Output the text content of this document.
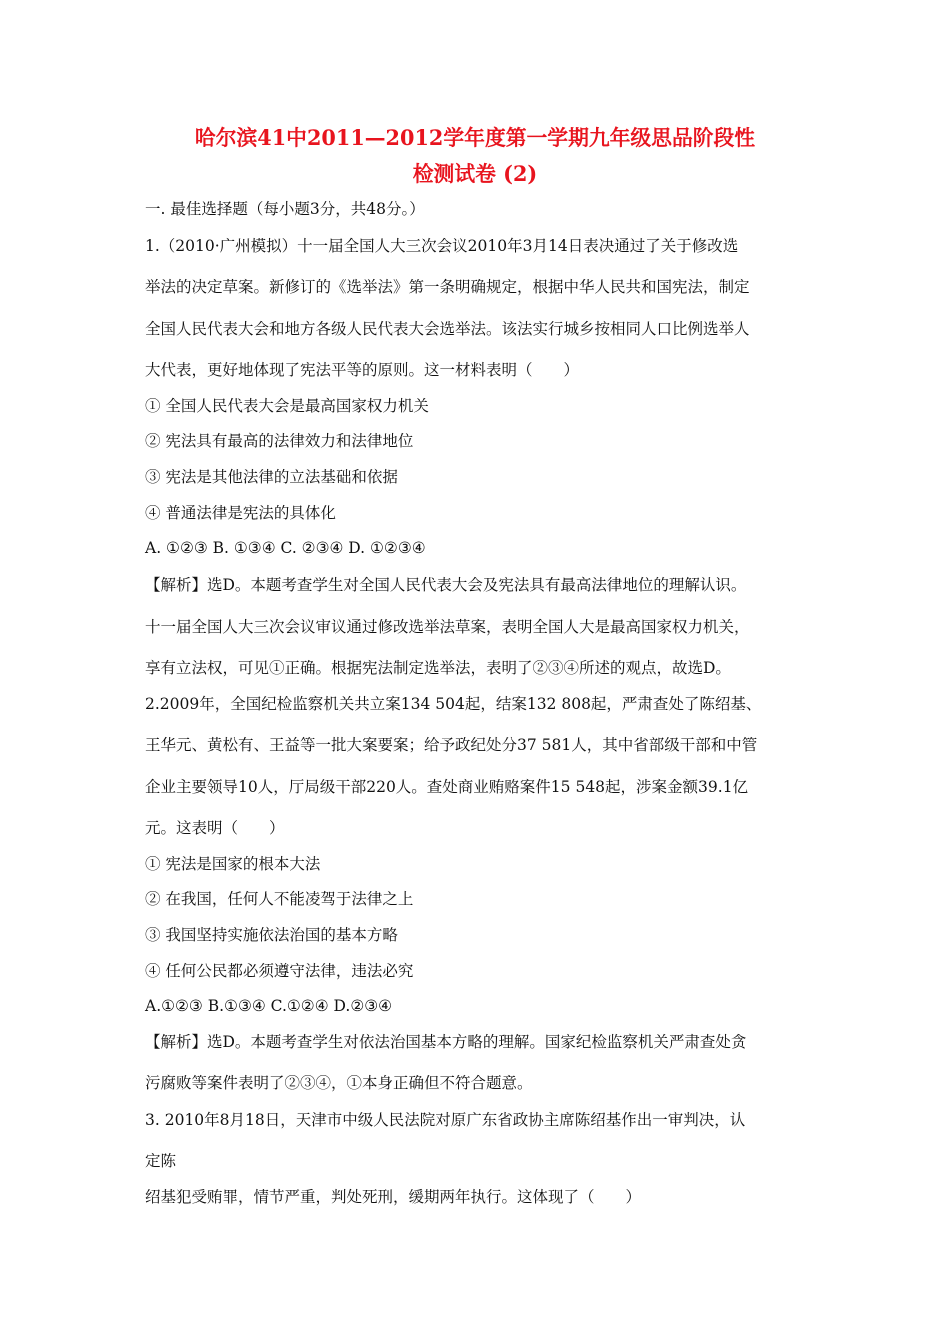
哈尔滨41中2011—2012学年度第一学期九年级思品阶段性
检测试卷 (2)
一. 最佳选择题（每小题3分，共48分。）
1.（2010·广州模拟）十一届全国人大三次会议2010年3月14日表决通过了关于修改选
举法的决定草案。新修订的《选举法》第一条明确规定，根据中华人民共和国宪法，制定
全国人民代表大会和地方各级人民代表大会选举法。该法实行城乡按相同人口比例选举人
大代表，更好地体现了宪法平等的原则。这一材料表明（　　）
① 全国人民代表大会是最高国家权力机关
② 宪法具有最高的法律效力和法律地位
③ 宪法是其他法律的立法基础和依据
④ 普通法律是宪法的具体化
A. ①②③ B. ①③④ C. ②③④ D. ①②③④
【解析】选D。本题考查学生对全国人民代表大会及宪法具有最高法律地位的理解认识。
十一届全国人大三次会议审议通过修改选举法草案，表明全国人大是最高国家权力机关，
享有立法权，可见①正确。根据宪法制定选举法，表明了②③④所述的观点，故选D。
2.2009年，全国纪检监察机关共立案134 504起，结案132 808起，严肃查处了陈绍基、
王华元、黄松有、王益等一批大案要案；给予政纪处分37 581人，其中省部级干部和中管
企业主要领导10人，厅局级干部220人。查处商业贿赂案件15 548起，涉案金额39.1亿
元。这表明（　　）
① 宪法是国家的根本大法
② 在我国，任何人不能凌驾于法律之上
③ 我国坚持实施依法治国的基本方略
④ 任何公民都必须遵守法律，违法必究
A.①②③ B.①③④ C.①②④ D.②③④
【解析】选D。本题考查学生对依法治国基本方略的理解。国家纪检监察机关严肃查处贪
污腐败等案件表明了②③④，①本身正确但不符合题意。
3. 2010年8月18日，天津市中级人民法院对原广东省政协主席陈绍基作出一审判决，认
定陈
绍基犯受贿罪，情节严重，判处死刑，缓期两年执行。这体现了（　　）
